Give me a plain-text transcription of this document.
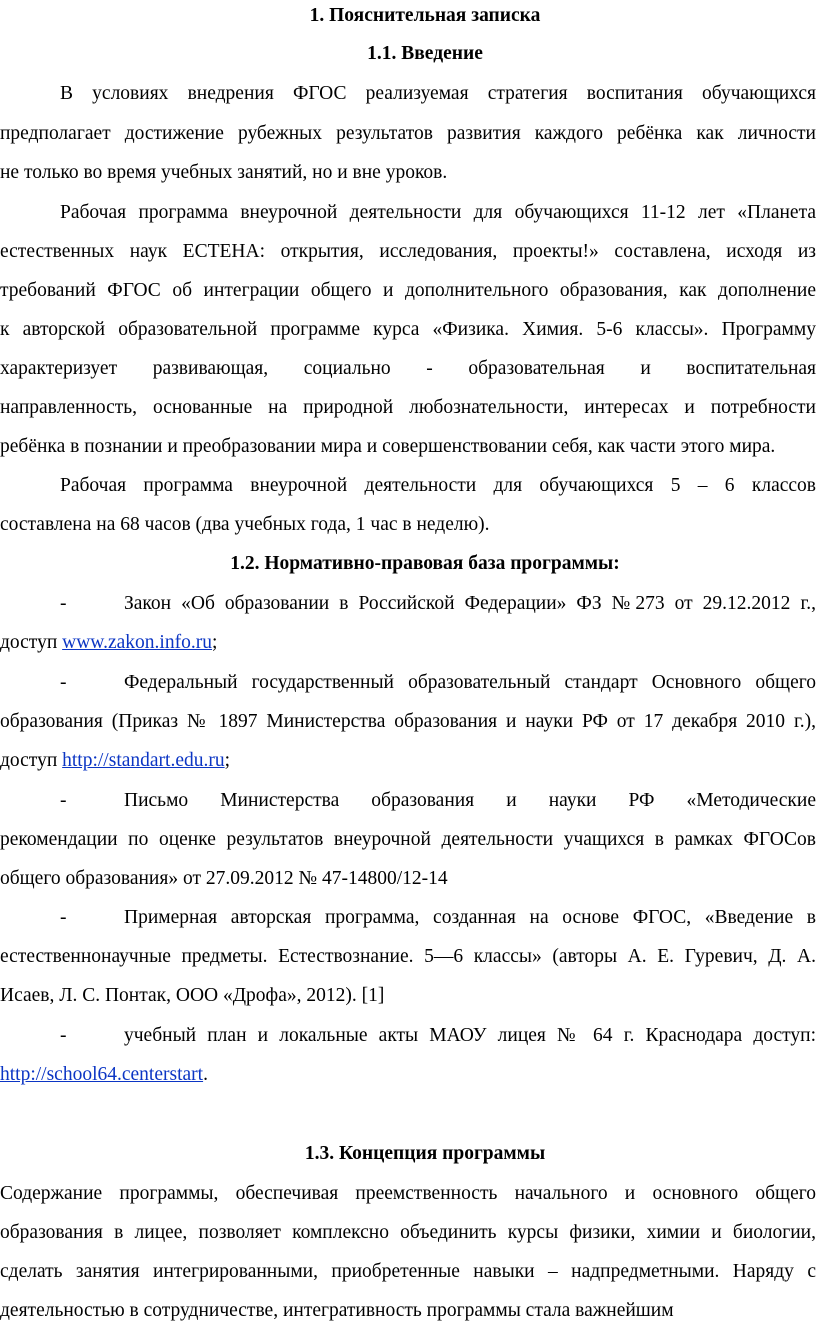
1. Пояснительная записка
1.1. Введение
В условиях внедрения ФГОС реализуемая стратегия воспитания обучающихся
предполагает достижение рубежных результатов развития каждого ребёнка как личности
не только во время учебных занятий, но и вне уроков.
Рабочая программа внеурочной деятельности для обучающихся 11-12 лет «Планета
естественных наук ЕСТЕНА: открытия, исследования, проекты!» составлена, исходя из
требований ФГОС об интеграции общего и дополнительного образования, как дополнение
к авторской образовательной программе курса «Физика. Химия. 5-6 классы». Программу
характеризует развивающая, социально - образовательная и воспитательная
направленность, основанные на природной любознательности, интересах и потребности
ребёнка в познании и преобразовании мира и совершенствовании себя, как части этого мира.
Рабочая программа внеурочной деятельности для обучающихся 5 – 6 классов
составлена на 68 часов (два учебных года, 1 час в неделю).
1.2. Нормативно-правовая база программы:
-	Закон «Об образовании в Российской Федерации» ФЗ №273 от 29.12.2012 г.,
доступ www.zakon.info.ru;
-	Федеральный государственный образовательный стандарт Основного общего
образования (Приказ № 1897 Министерства образования и науки РФ от 17 декабря 2010 г.),
доступ http://standart.edu.ru;
-	Письмо Министерства образования и науки РФ «Методические
рекомендации по оценке результатов внеурочной деятельности учащихся в рамках ФГОСов
общего образования» от 27.09.2012 № 47-14800/12-14
-	Примерная авторская программа, созданная на основе ФГОС, «Введение в
естественнонаучные предметы. Естествознание. 5—6 классы» (авторы А. Е. Гуревич, Д. А.
Исаев, Л. С. Понтак, ООО «Дрофа», 2012). [1]
-	учебный план и локальные акты МАОУ лицея № 64 г. Краснодара доступ:
http://school64.centerstart.
1.3. Концепция программы
Содержание программы, обеспечивая преемственность начального и основного общего
образования в лицее, позволяет комплексно объединить курсы физики, химии и биологии,
сделать занятия интегрированными, приобретенные навыки – надпредметными. Наряду с
деятельностью в сотрудничестве, интегративность программы стала важнейшим
